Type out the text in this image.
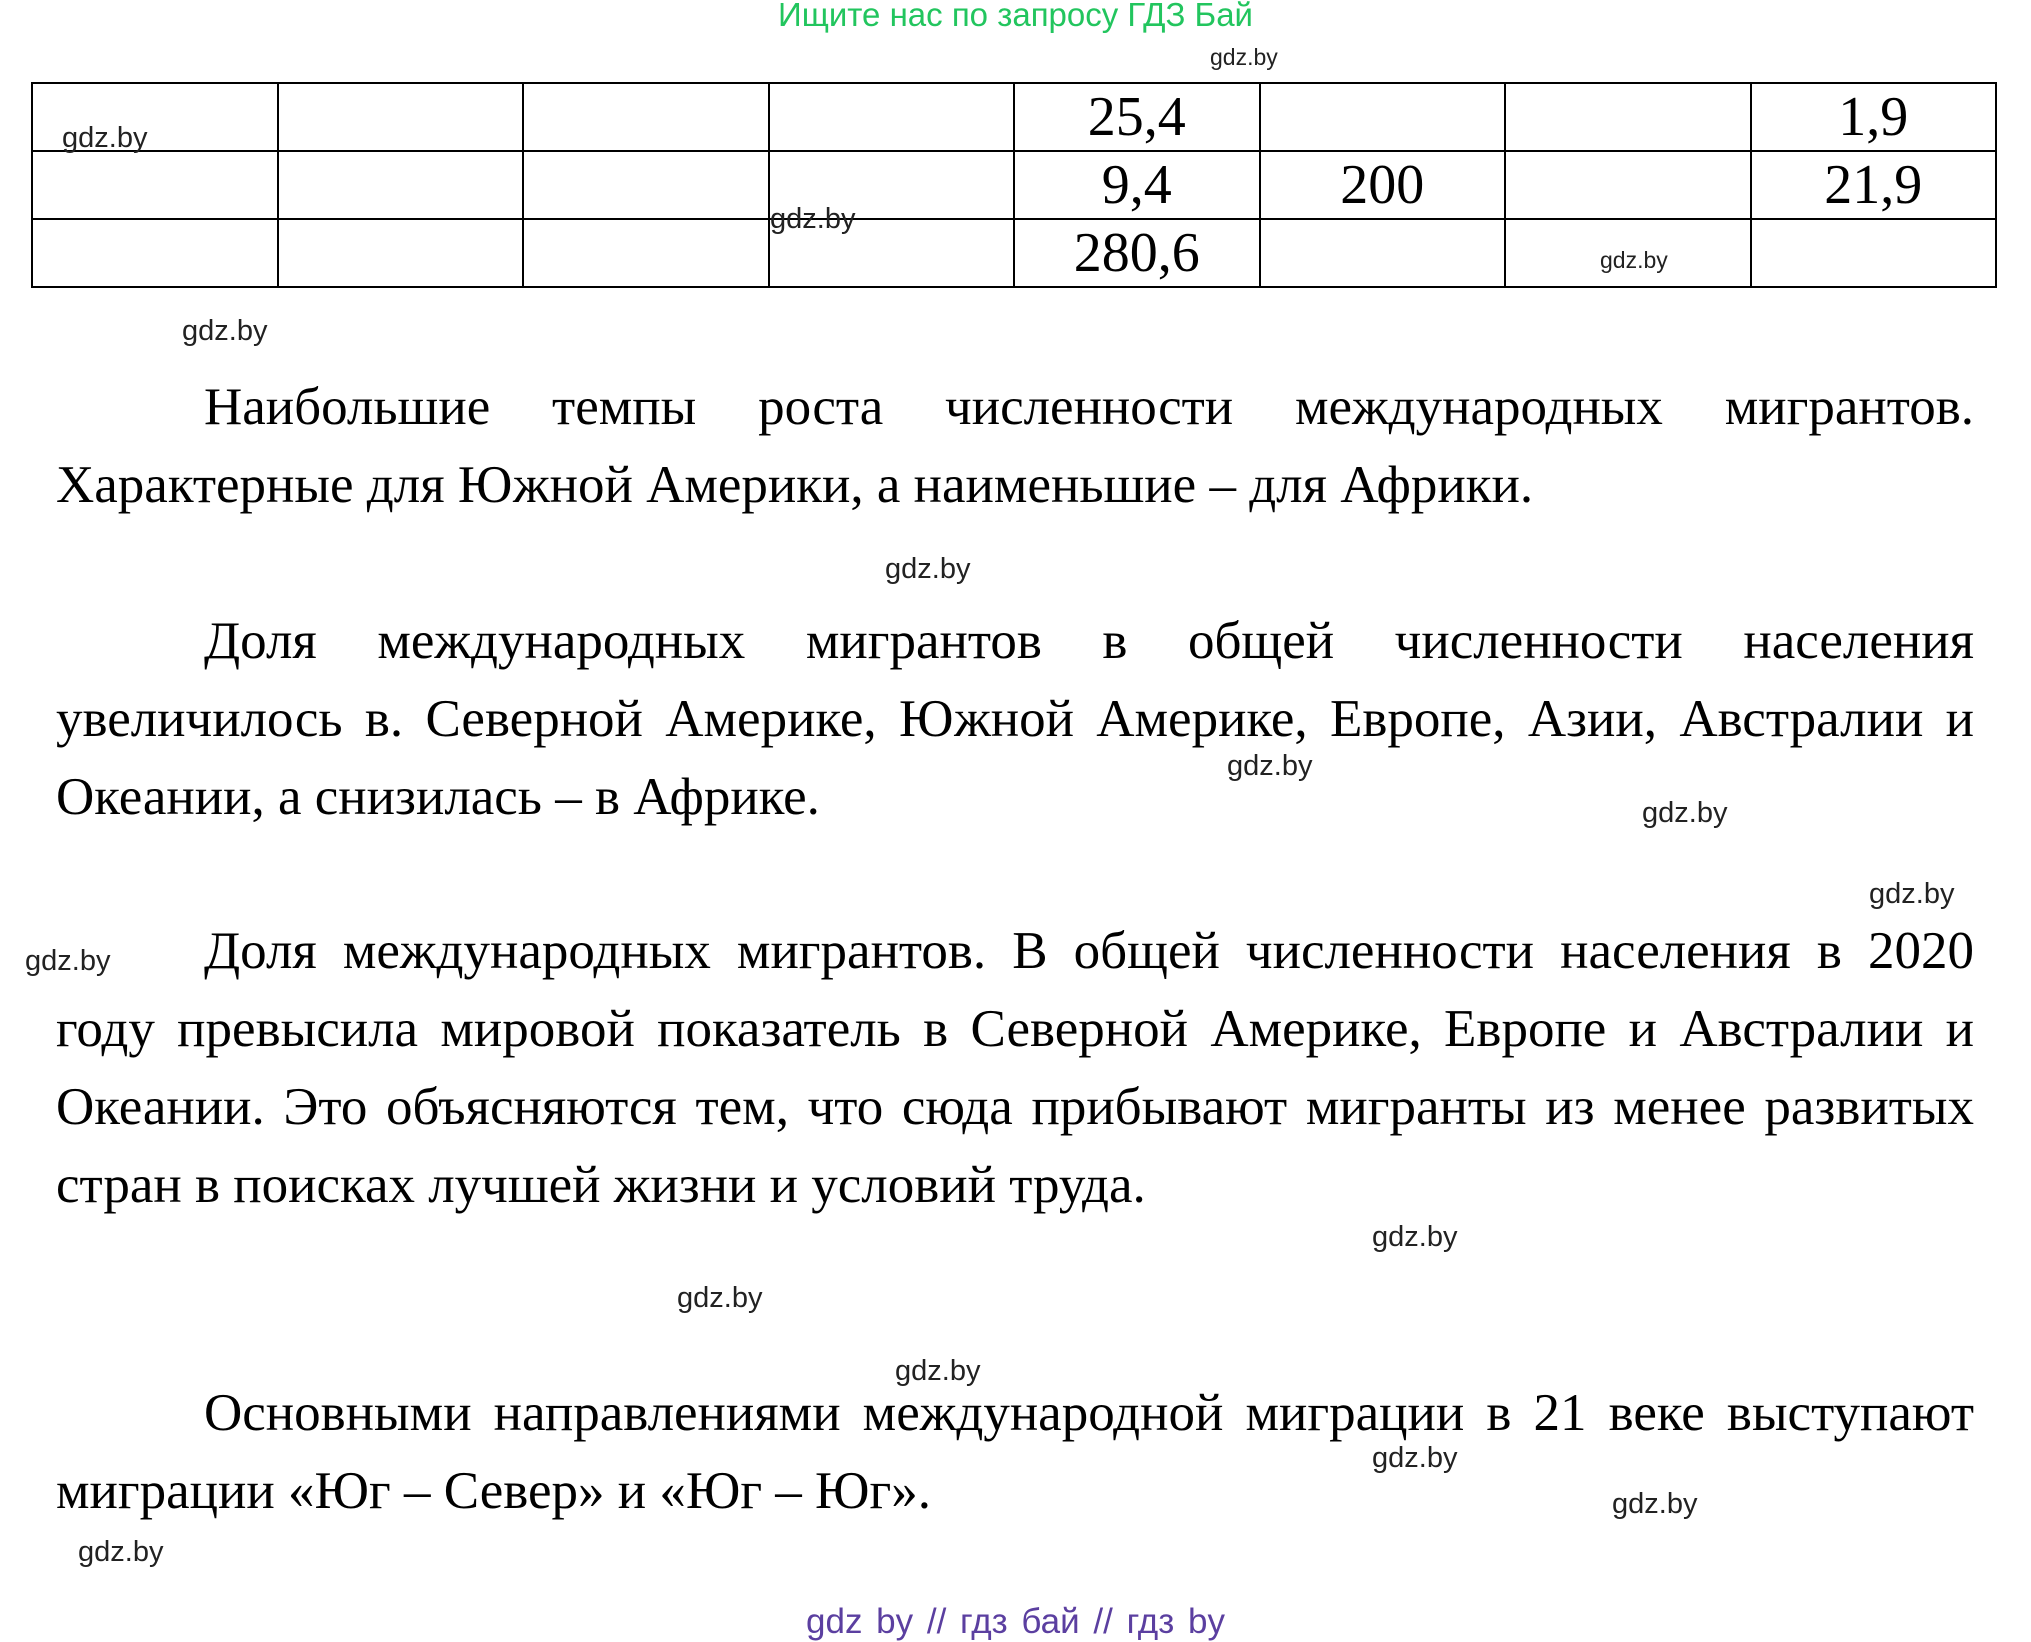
Ищите нас по запросу ГДЗ Бай
				25,4			1,9
				9,4	200		21,9
				280,6			

Наибольшие темпы роста численности международных мигрантов. Характерные для Южной Америки, а наименьшие – для Африки.

Доля международных мигрантов в общей численности населения увеличилось в. Северной Америке, Южной Америке, Европе, Азии, Австралии и Океании, а снизилась – в Африке.

Доля международных мигрантов. В общей численности населения в 2020 году превысила мировой показатель в Северной Америке, Европе и Австралии и Океании. Это объясняются тем, что сюда прибывают мигранты из менее развитых стран в поисках лучшей жизни и условий труда.

Основными направлениями международной миграции в 21 веке выступают миграции «Юг – Север» и «Юг – Юг».

gdz.by
gdz.by
gdz.by
gdz.by
gdz.by
gdz.by
gdz.by
gdz.by
gdz.by
gdz.by
gdz.by
gdz.by
gdz.by
gdz.by
gdz.by
gdz.by
gdz by // гдз бай // гдз by
